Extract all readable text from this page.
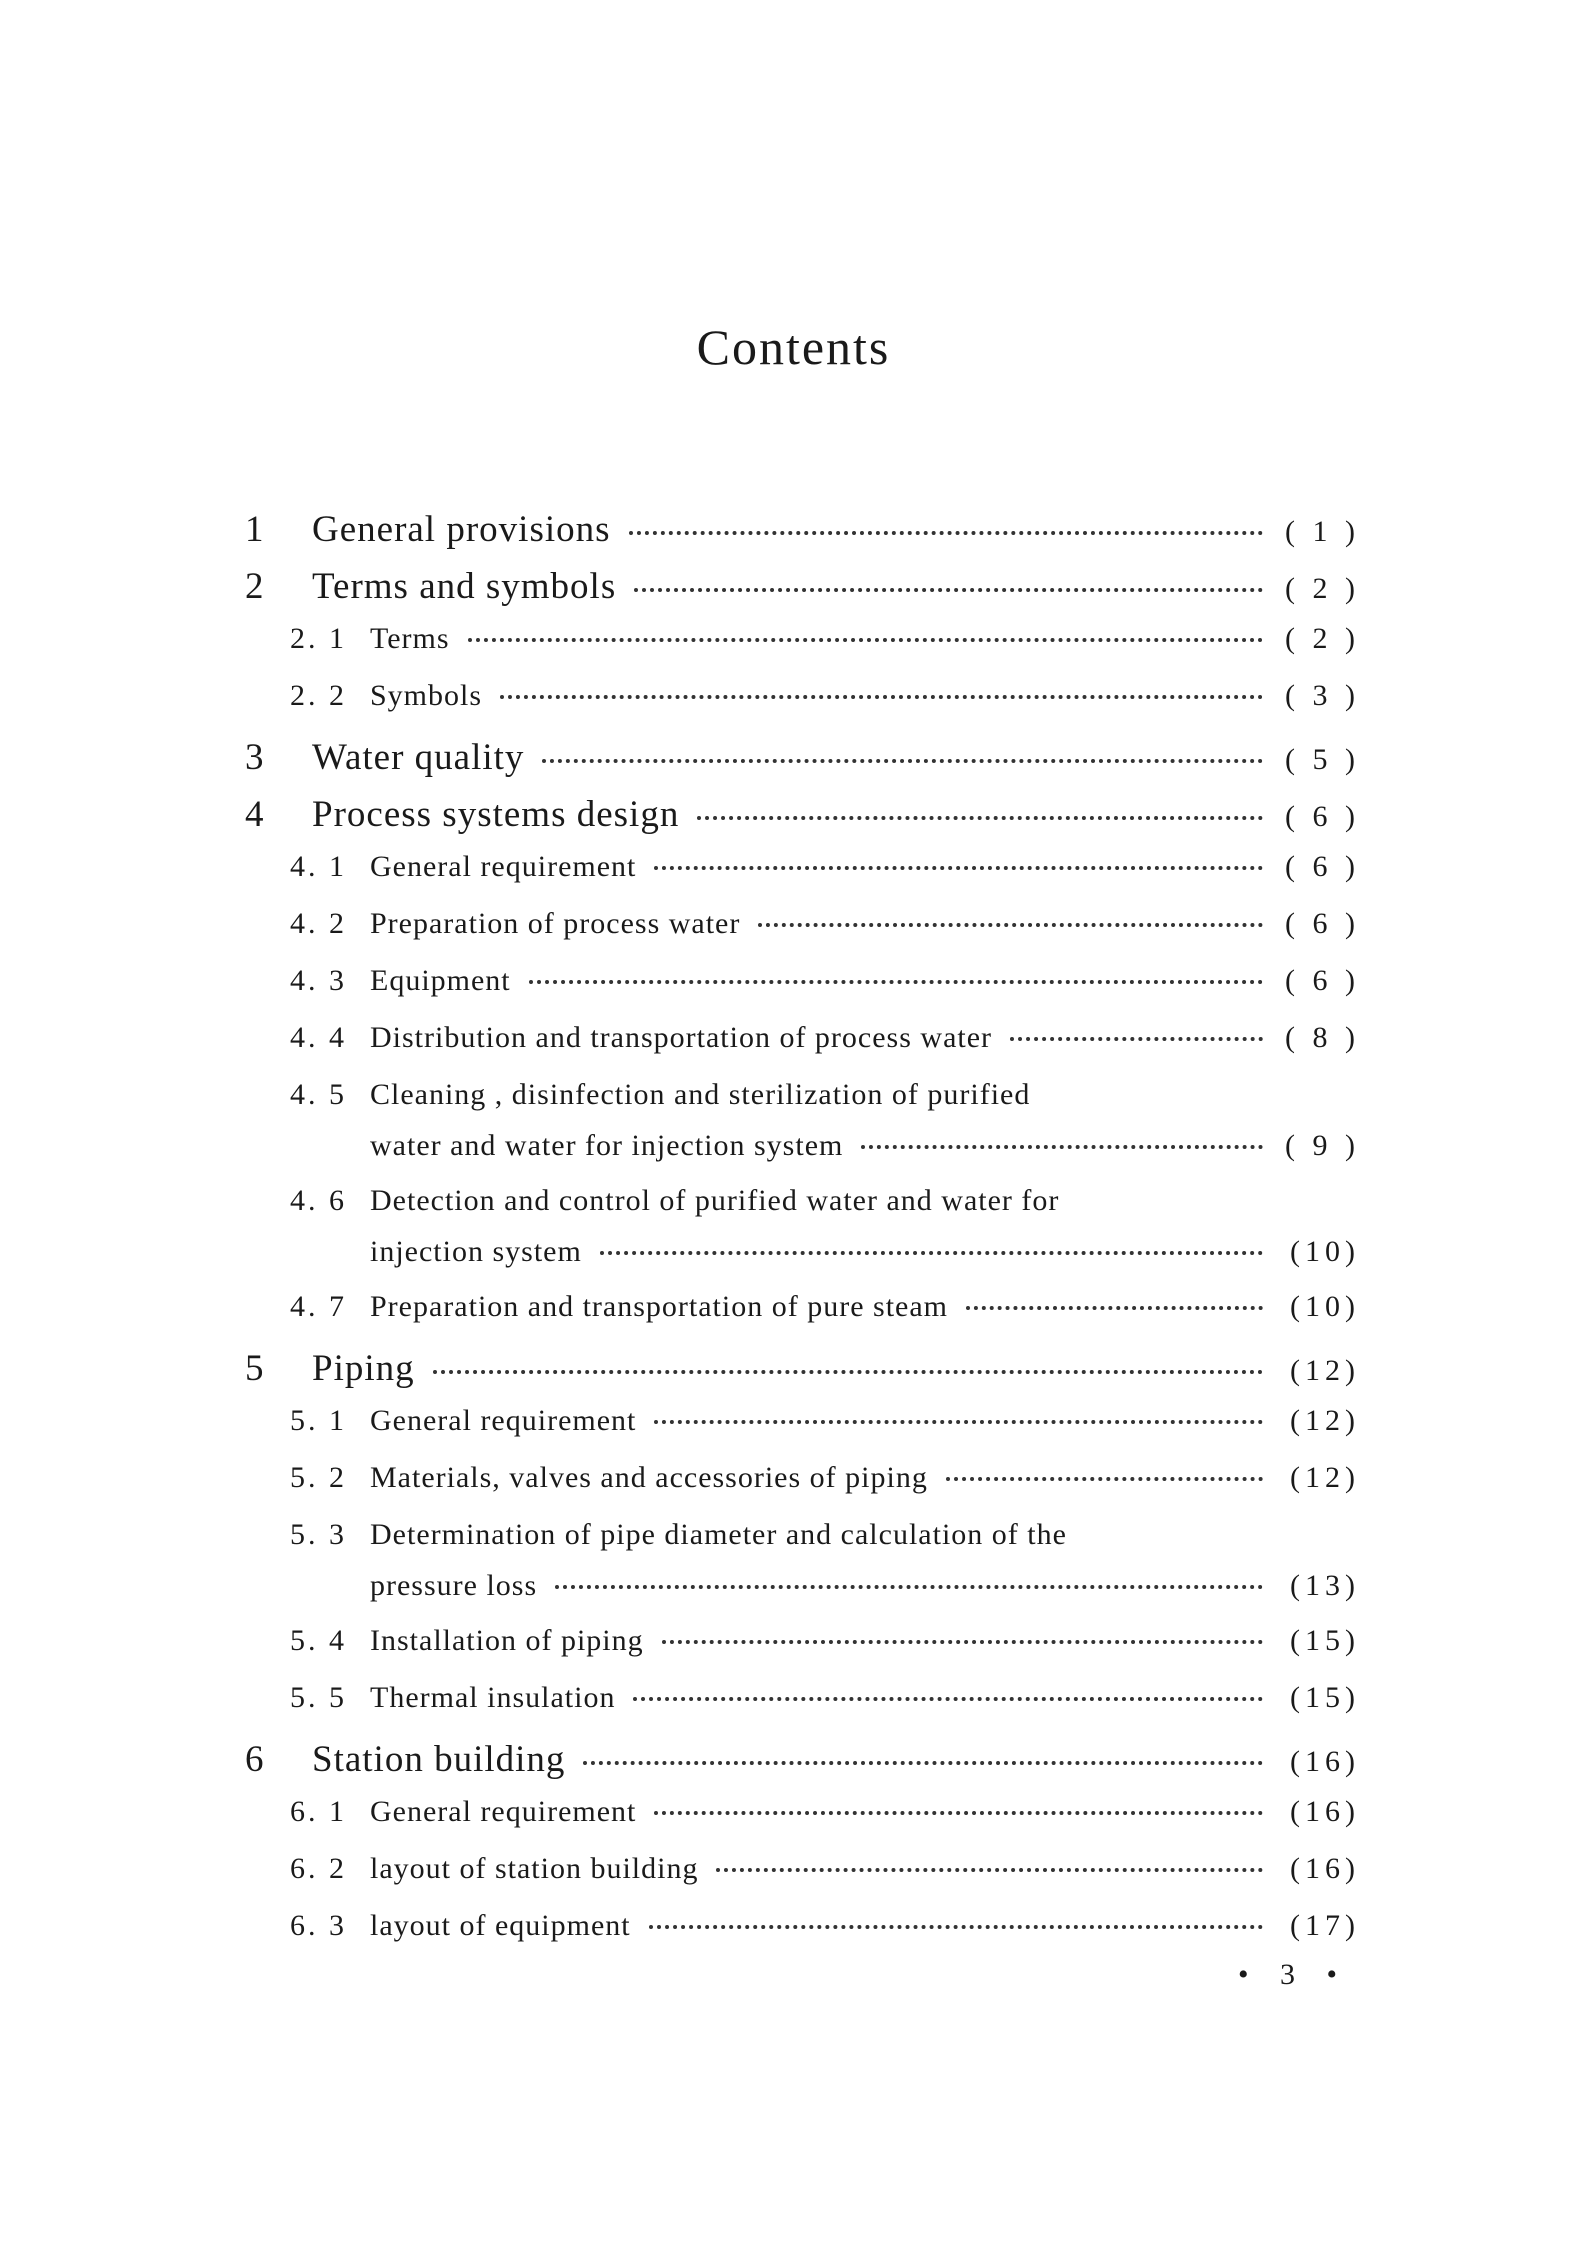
Contents
1	General provisions	( 1 )
2	Terms and symbols	( 2 )
2. 1 Terms	( 2 )
2. 2 Symbols	( 3 )
3	Water quality	( 5 )
4	Process systems design	( 6 )
4. 1 General requirement	( 6 )
4. 2 Preparation of process water	( 6 )
4. 3 Equipment	( 6 )
4. 4 Distribution and transportation of process water	( 8 )
4. 5 Cleaning , disinfection and sterilization of purified
water and water for injection system	( 9 )
4. 6 Detection and control of purified water and water for
injection system	(10)
4. 7 Preparation and transportation of pure steam	(10)
5	Piping	(12)
5. 1 General requirement	(12)
5. 2 Materials, valves and accessories of piping	(12)
5. 3 Determination of pipe diameter and calculation of the
pressure loss	(13)
5. 4 Installation of piping	(15)
5. 5 Thermal insulation	(15)
6	Station building	(16)
6. 1 General requirement	(16)
6. 2 layout of station building	(16)
6. 3 layout of equipment	(17)
• 3 •
